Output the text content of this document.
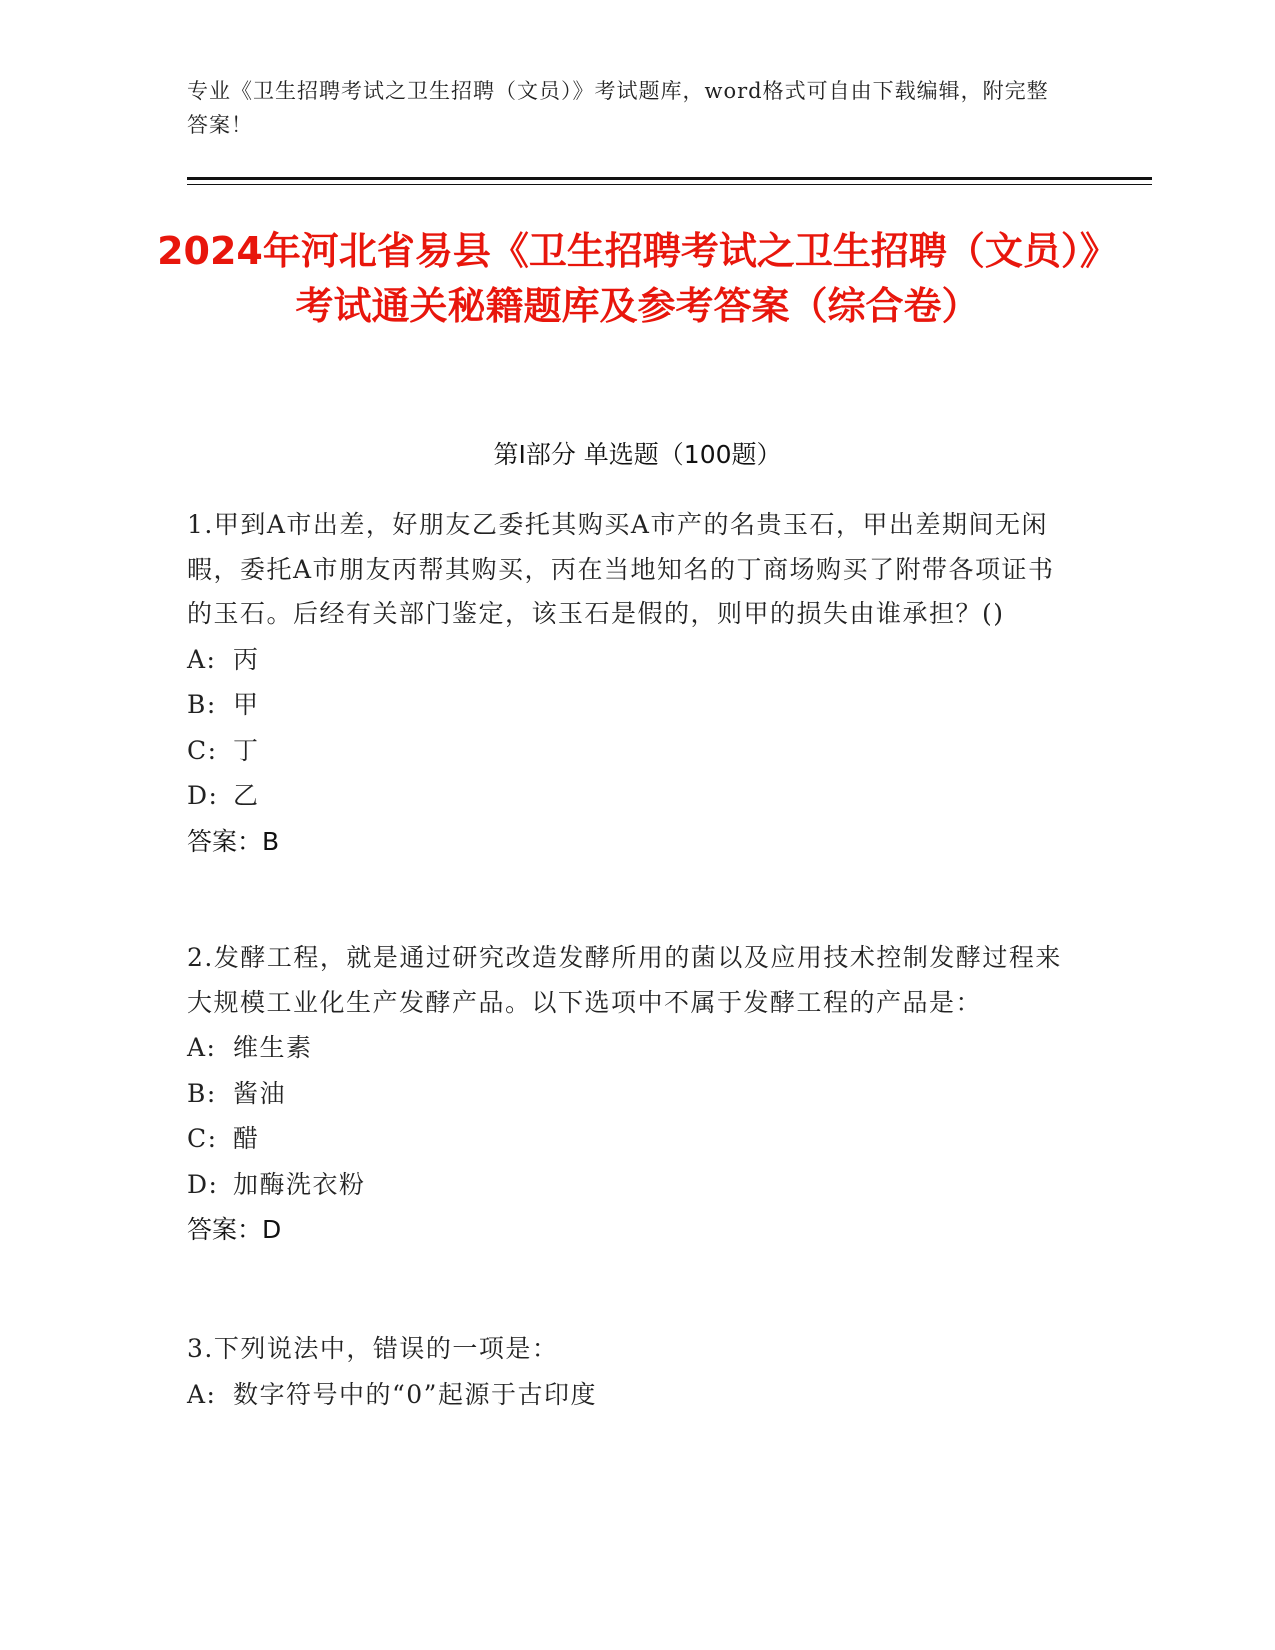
专业《卫生招聘考试之卫生招聘（文员）》考试题库，word格式可自由下载编辑，附完整答案！
2024年河北省易县《卫生招聘考试之卫生招聘（文员）》考试通关秘籍题库及参考答案（综合卷）
第I部分 单选题（100题）
1.甲到A市出差，好朋友乙委托其购买A市产的名贵玉石，甲出差期间无闲暇，委托A市朋友丙帮其购买，丙在当地知名的丁商场购买了附带各项证书的玉石。后经有关部门鉴定，该玉石是假的，则甲的损失由谁承担？()
A: 丙
B: 甲
C: 丁
D: 乙
答案：B
2.发酵工程，就是通过研究改造发酵所用的菌以及应用技术控制发酵过程来大规模工业化生产发酵产品。以下选项中不属于发酵工程的产品是：
A: 维生素
B: 酱油
C: 醋
D: 加酶洗衣粉
答案：D
3.下列说法中，错误的一项是：
A: 数字符号中的“0”起源于古印度
